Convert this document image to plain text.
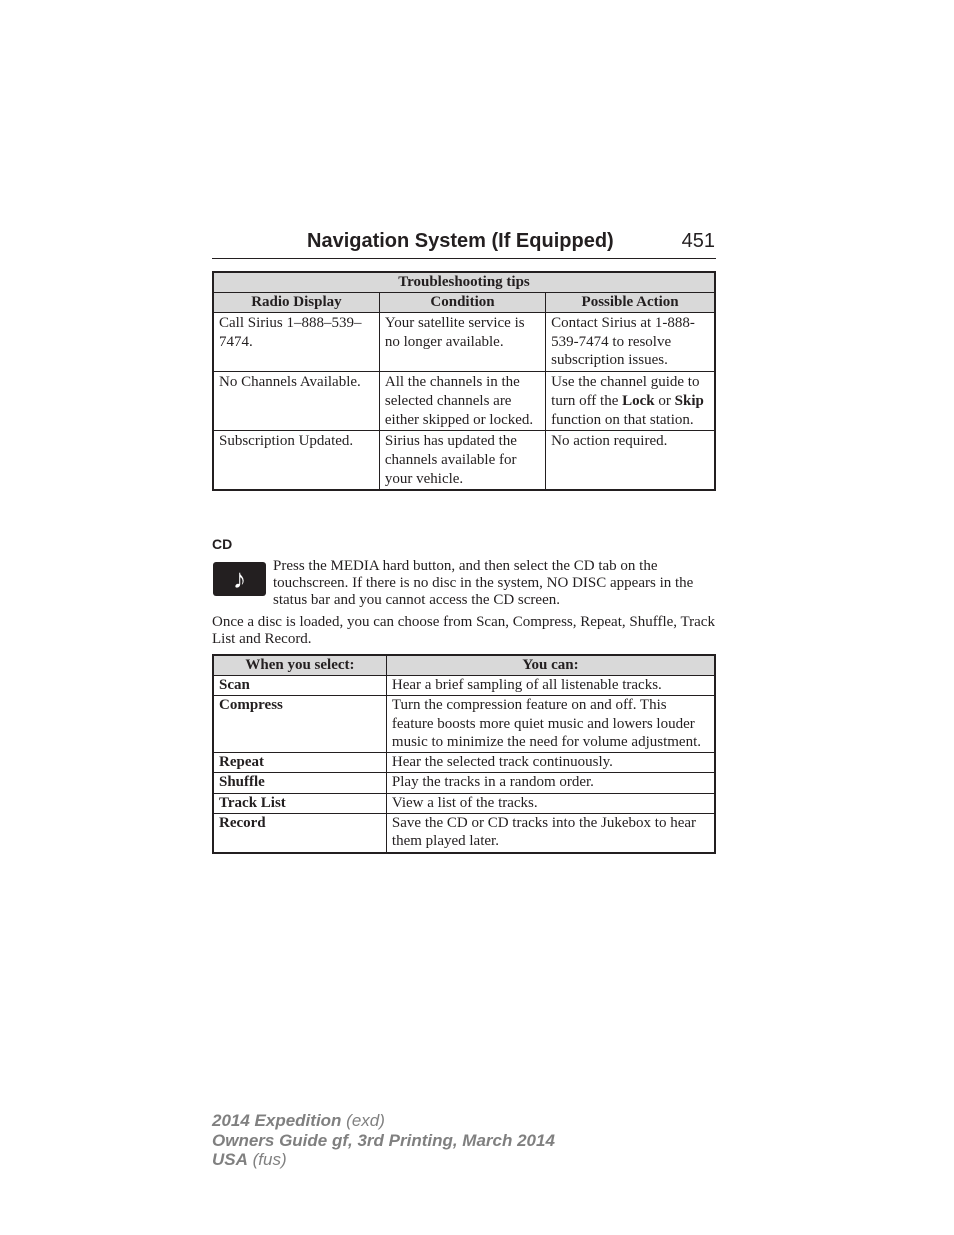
Navigation System (If Equipped)	451
Troubleshooting tips		
Radio Display	Condition	Possible Action
Call Sirius 1–888–539–7474.	Your satellite service is no longer available.	Contact Sirius at 1-888-539-7474 to resolve subscription issues.
No Channels Available.	All the channels in the selected channels are either skipped or locked.	Use the channel guide to turn off the Lock or Skip function on that station.
Subscription Updated.	Sirius has updated the channels available for your vehicle.	No action required.
CD
♪	Press the MEDIA hard button, and then select the CD tab on the touchscreen. If there is no disc in the system, NO DISC appears in the status bar and you cannot access the CD screen.
Once a disc is loaded, you can choose from Scan, Compress, Repeat, Shuffle, Track List and Record.
When you select:	You can:
Scan	Hear a brief sampling of all listenable tracks.
Compress	Turn the compression feature on and off. This feature boosts more quiet music and lowers louder music to minimize the need for volume adjustment.
Repeat	Hear the selected track continuously.
Shuffle	Play the tracks in a random order.
Track List	View a list of the tracks.
Record	Save the CD or CD tracks into the Jukebox to hear them played later.
2014 Expedition (exd)
Owners Guide gf, 3rd Printing, March 2014
USA (fus)
